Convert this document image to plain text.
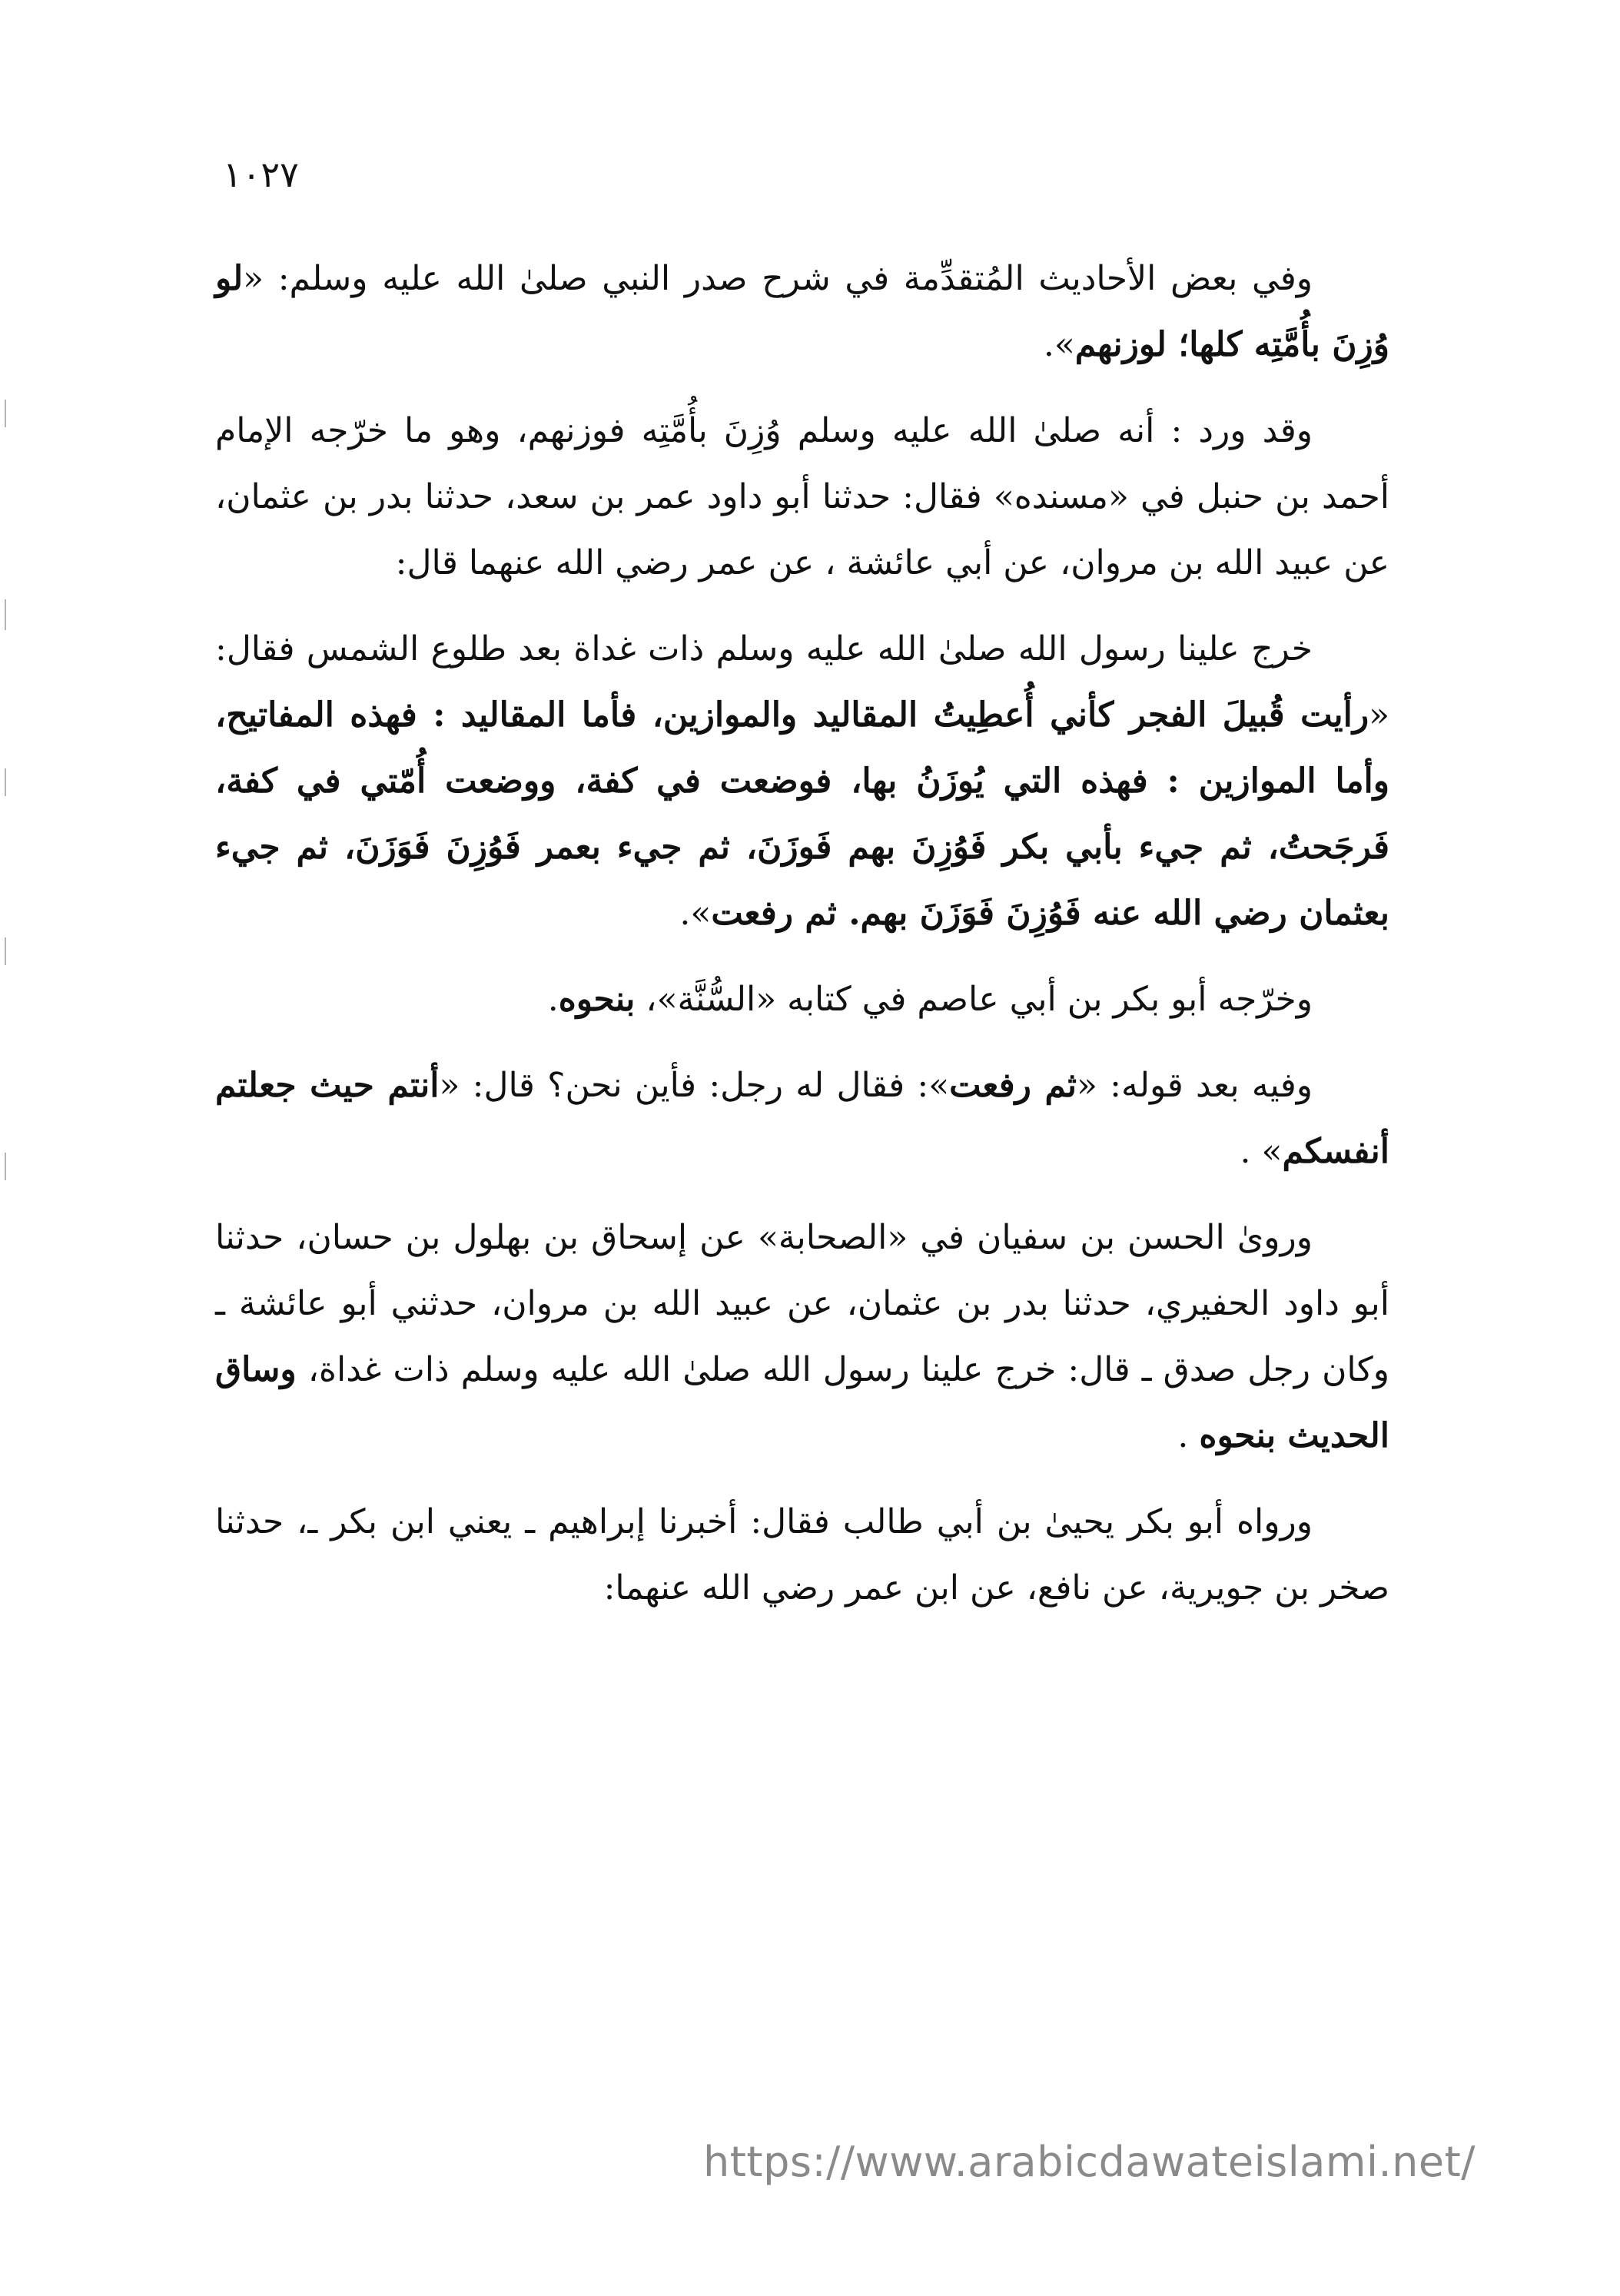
١٠٢٧

وفي بعض الأحاديث المُتقدِّمة في شرح صدر النبي صلىٰ الله عليه وسلم: «لو وُزِنَ بأُمَّتِه كلها؛ لوزنهم».

وقد ورد : أنه صلىٰ الله عليه وسلم وُزِنَ بأُمَّتِه فوزنهم، وهو ما خرّجه الإمام أحمد بن حنبل في «مسنده» فقال: حدثنا أبو داود عمر بن سعد، حدثنا بدر بن عثمان، عن عبيد الله بن مروان، عن أبي عائشة ، عن عمر رضي الله عنهما قال:

خرج علينا رسول الله صلىٰ الله عليه وسلم ذات غداة بعد طلوع الشمس فقال: «رأيت قُبيلَ الفجر كأني أُعطِيتُ المقاليد والموازين، فأما المقاليد : فهذه المفاتيح، وأما الموازين : فهذه التي يُوزَنُ بها، فوضعت في كفة، ووضعت أُمّتي في كفة، فَرجَحتُ، ثم جيء بأبي بكر فَوُزِنَ بهم فَوزَنَ، ثم جيء بعمر فَوُزِنَ فَوَزَنَ، ثم جيء بعثمان رضي الله عنه فَوُزِنَ فَوَزَنَ بهم. ثم رفعت».

وخرّجه أبو بكر بن أبي عاصم في كتابه «السُّنَّة»، بنحوه.

وفيه بعد قوله: «ثم رفعت»: فقال له رجل: فأين نحن؟ قال: «أنتم حيث جعلتم أنفسكم» .

وروىٰ الحسن بن سفيان في «الصحابة» عن إسحاق بن بهلول بن حسان، حدثنا أبو داود الحفيري، حدثنا بدر بن عثمان، عن عبيد الله بن مروان، حدثني أبو عائشة ـ وكان رجل صدق ـ قال: خرج علينا رسول الله صلىٰ الله عليه وسلم ذات غداة، وساق الحديث بنحوه .

ورواه أبو بكر يحيىٰ بن أبي طالب فقال: أخبرنا إبراهيم ـ يعني ابن بكر ـ، حدثنا صخر بن جويرية، عن نافع، عن ابن عمر رضي الله عنهما:

https://www.arabicdawateislami.net/
